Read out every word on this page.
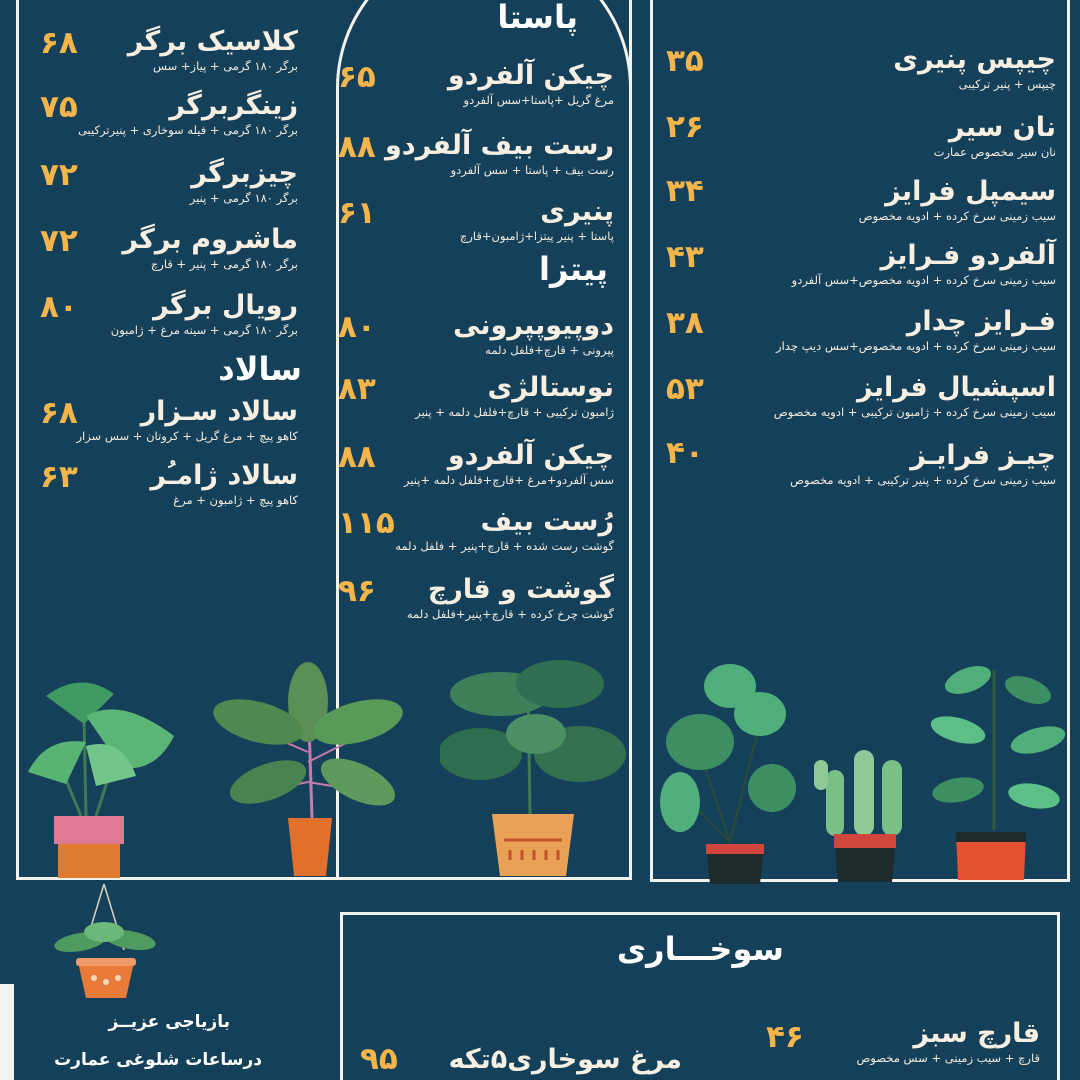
کلاسیک برگر
برگر ۱۸۰ گرمی + پیاز+ سس
۶۸
زینگربرگر
برگر ۱۸۰ گرمی + فیله سوخاری + پنیرترکیبی
۷۵
چیزبرگر
برگر ۱۸۰ گرمی + پنیر
۷۲
ماشروم برگر
برگر ۱۸۰ گرمی + پنیر + قارچ
۷۲
رویال برگر
برگر ۱۸۰ گرمی + سینه مرغ + ژامبون
۸۰
سالاد
سالاد سـزار
کاهو پیچ + مرغ گریل + کروتان + سس سزار
۶۸
سالاد ژامـُر
کاهو پیچ + ژامبون + مرغ
۶۳
پاستا
چیکن آلفردو
مرغ گریل +پاستا+سس آلفردو
۶۵
رست بیف آلفردو
رست بیف + پاستا + سس آلفردو
۸۸
پنیری
پاستا + پنیر پیتزا+ژامبون+قارچ
۶۱
پیتزا
دوپیوپپرونی
پپرونی + قارچ+فلفل دلمه
۸۰
نوستالژی
ژامبون ترکیبی + قارچ+فلفل دلمه + پنیر
۸۳
چیکن آلفردو
سس آلفردو+مرغ +قارچ+فلفل دلمه +پنیر
۸۸
رُست بیف
گوشت رست شده + قارچ+پنیر + فلفل دلمه
۱۱۵
گوشت و قارچ
گوشت چرخ کرده + قارچ+پنیر+فلفل دلمه
۹۶
چیپس پنیری
چیپس + پنیر ترکیبی
۳۵
نان سیر
نان سیر مخصوص عمارت
۲۶
سیمپل فرایز
سیب زمینی سرخ کرده + ادویه مخصوص
۳۴
آلفردو فـرایز
سیب زمینی سرخ کرده + ادویه مخصوص+سس آلفردو
۴۳
فـرایز چدار
سیب زمینی سرخ کرده + ادویه مخصوص+سس دیپ چدار
۳۸
اسپشیال فرایز
سیب زمینی سرخ کرده + ژامبون ترکیبی + ادویه مخصوص
۵۳
چیـز فرایـز
سیب زمینی سرخ کرده + پنیر ترکیبی + ادویه مخصوص
۴۰
سوخـــاری
قارچ سبز
قارچ + سیب زمینی + سس مخصوص
۴۶
مرغ سوخاری۵تکه
۹۵
بازیاجی عزیــز
درساعات شلوغی عمارت
